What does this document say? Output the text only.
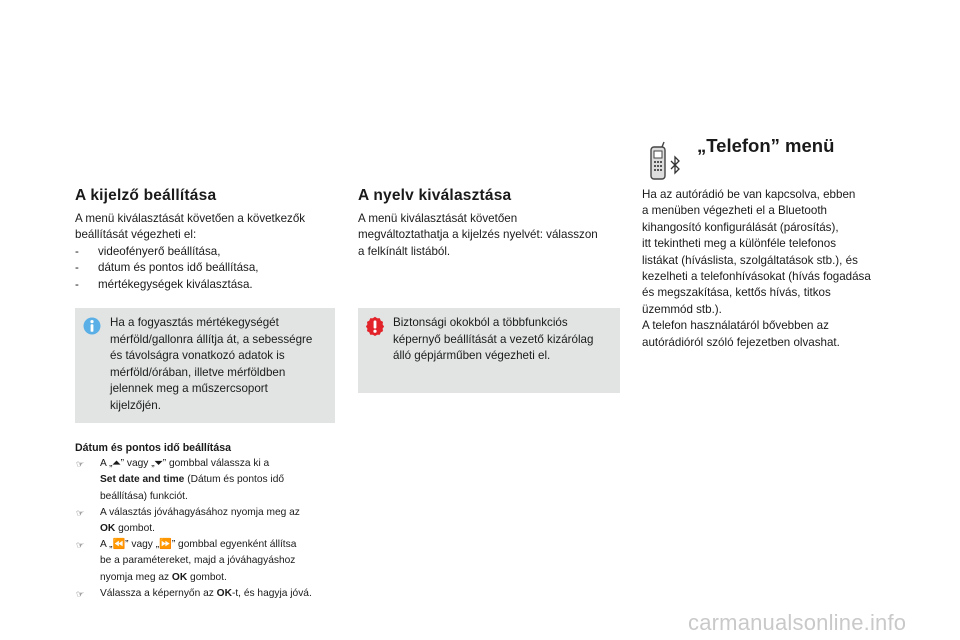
„Telefon” menü

Ha az autórádió be van kapcsolva, ebben

a menüben végezheti el a Bluetooth

kihangosító konfigurálását (párosítás),

itt tekintheti meg a különféle telefonos

listákat (híváslista, szolgáltatások stb.), és

kezelheti a telefonhívásokat (hívás fogadása

és megszakítása, kettős hívás, titkos

üzemmód stb.).

A telefon használatáról bővebben az

autórádióról szóló fejezetben olvashat.

A kijelző beállítása

A menü kiválasztását követően a következők

beállítását végezheti el:

- videofényerő beállítása,
- dátum és pontos idő beállítása,
- mértékegységek kiválasztása.

Ha a fogyasztás mértékegységét

mérföld/gallonra állítja át, a sebességre

és távolságra vonatkozó adatok is

mérföld/órában, illetve mérföldben

jelennek meg a műszercsoport

kijelzőjén.

Dátum és pontos idő beállítása
☞ A „⏶” vagy „⏷” gombbal válassza ki a
Set date and time (Dátum és pontos idő
beállítása) funkciót.
☞ A választás jóváhagyásához nyomja meg az
OK gombot.
☞ A „⏪” vagy „⏩” gombbal egyenként állítsa
be a paramétereket, majd a jóváhagyáshoz
nyomja meg az OK gombot.
☞ Válassza a képernyőn az OK-t, és hagyja jóvá.
A nyelv kiválasztása

A menü kiválasztását követően

megváltoztathatja a kijelzés nyelvét: válasszon

a felkínált listából.

Biztonsági okokból a többfunkciós

képernyő beállítását a vezető kizárólag

álló gépjárműben végezheti el.

carmanualsonline.info
